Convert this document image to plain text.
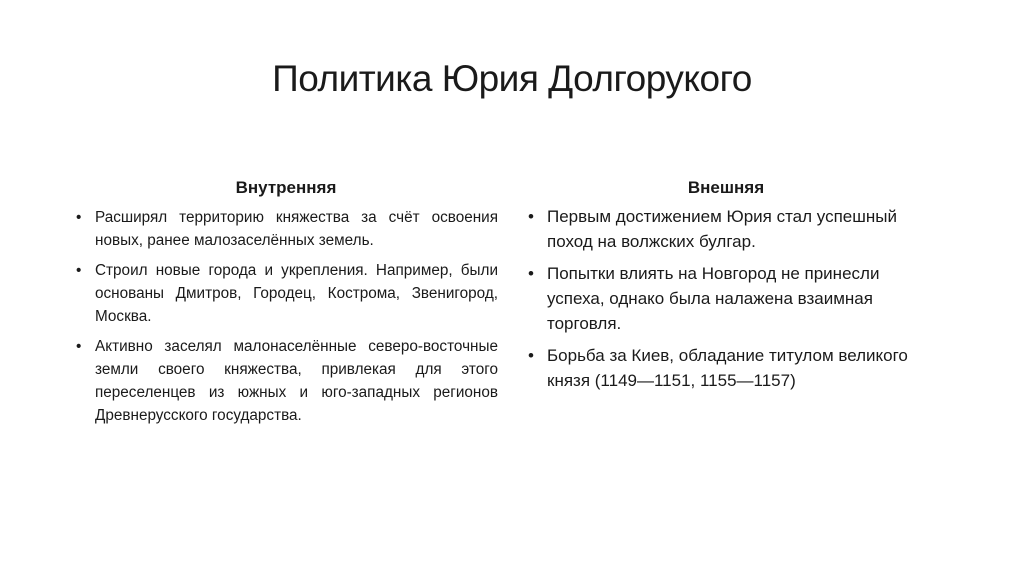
Политика Юрия Долгорукого
Внутренняя
• Расширял территорию княжества за счёт освоения новых, ранее малозаселённых земель.
• Строил новые города и укрепления. Например, были основаны Дмитров, Городец, Кострома, Звенигород, Москва.
• Активно заселял малонаселённые северо-восточные земли своего княжества, привлекая для этого переселенцев из южных и юго-западных регионов Древнерусского государства.
Внешняя
• Первым достижением Юрия стал успешный поход на волжских булгар.
• Попытки влиять на Новгород не принесли успеха, однако была налажена взаимная торговля.
• Борьба за Киев, обладание титулом великого князя (1149—1151, 1155—1157)
